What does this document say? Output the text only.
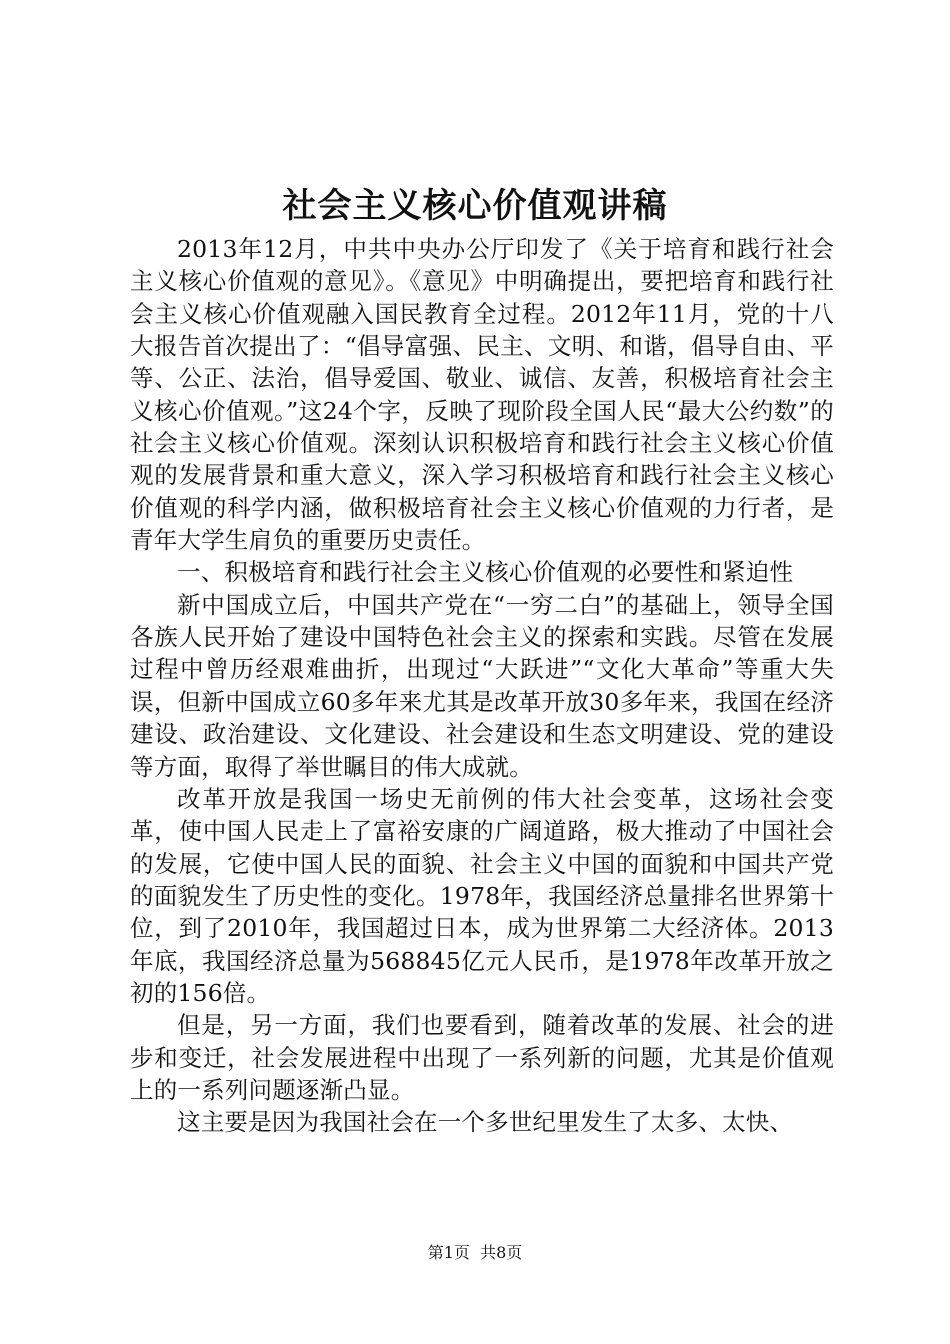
社会主义核心价值观讲稿

2013年12月，中共中央办公厅印发了《关于培育和践行社会主义核心价值观的意见》。《意见》中明确提出，要把培育和践行社会主义核心价值观融入国民教育全过程。2012年11月，党的十八大报告首次提出了：“倡导富强、民主、文明、和谐，倡导自由、平等、公正、法治，倡导爱国、敬业、诚信、友善，积极培育社会主义核心价值观。”这24个字，反映了现阶段全国人民“最大公约数”的社会主义核心价值观。深刻认识积极培育和践行社会主义核心价值观的发展背景和重大意义，深入学习积极培育和践行社会主义核心价值观的科学内涵，做积极培育社会主义核心价值观的力行者，是青年大学生肩负的重要历史责任。

一、积极培育和践行社会主义核心价值观的必要性和紧迫性

新中国成立后，中国共产党在“一穷二白”的基础上，领导全国各族人民开始了建设中国特色社会主义的探索和实践。尽管在发展过程中曾历经艰难曲折，出现过“大跃进”“文化大革命”等重大失误，但新中国成立60多年来尤其是改革开放30多年来，我国在经济建设、政治建设、文化建设、社会建设和生态文明建设、党的建设等方面，取得了举世瞩目的伟大成就。

改革开放是我国一场史无前例的伟大社会变革，这场社会变革，使中国人民走上了富裕安康的广阔道路，极大推动了中国社会的发展，它使中国人民的面貌、社会主义中国的面貌和中国共产党的面貌发生了历史性的变化。1978年，我国经济总量排名世界第十位，到了2010年，我国超过日本，成为世界第二大经济体。2013年底，我国经济总量为568845亿元人民币，是1978年改革开放之初的156倍。

但是，另一方面，我们也要看到，随着改革的发展、社会的进步和变迁，社会发展进程中出现了一系列新的问题，尤其是价值观上的一系列问题逐渐凸显。

这主要是因为我国社会在一个多世纪里发生了太多、太快、

第1页 共8页
